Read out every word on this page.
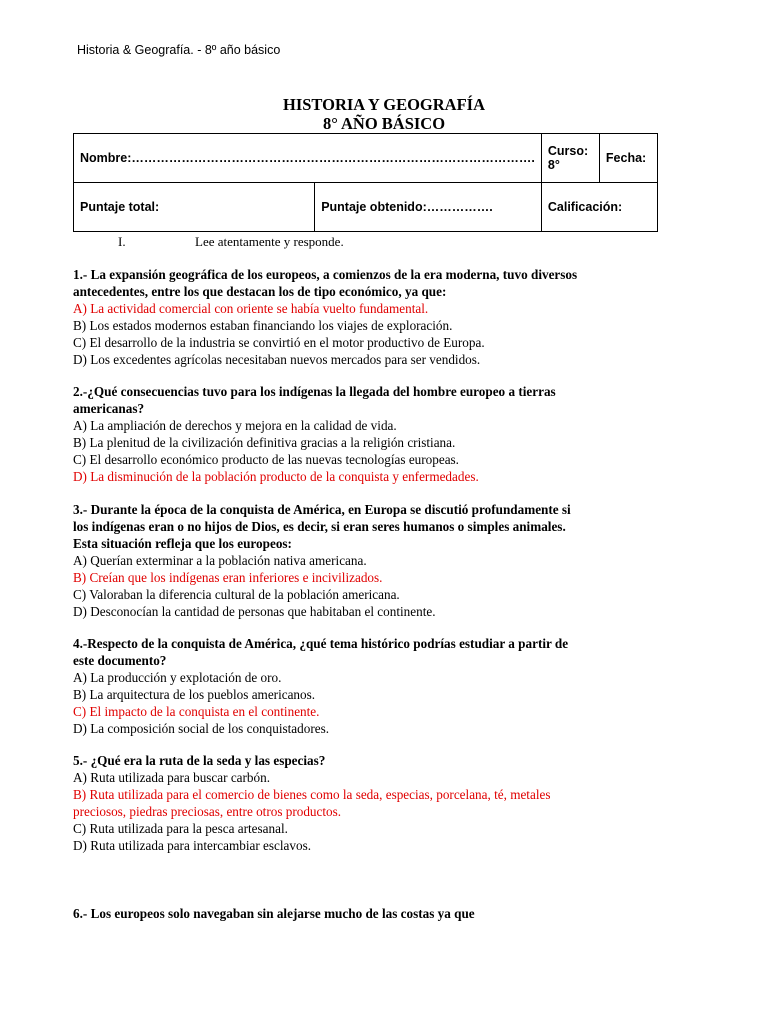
Historia & Geografía. - 8º año básico
HISTORIA Y GEOGRAFÍA
8° AÑO BÁSICO
Nombre:…………………………………………………………………………………….		Curso: 8°	Fecha:
Puntaje total:	Puntaje obtenido:…………….	Calificación:	
I.	Lee atentamente y responde.
1.- La expansión geográfica de los europeos, a comienzos de la era moderna, tuvo diversos
antecedentes, entre los que destacan los de tipo económico, ya que:
A) La actividad comercial con oriente se había vuelto fundamental.
B) Los estados modernos estaban financiando los viajes de exploración.
C) El desarrollo de la industria se convirtió en el motor productivo de Europa.
D) Los excedentes agrícolas necesitaban nuevos mercados para ser vendidos.
2.-¿Qué consecuencias tuvo para los indígenas la llegada del hombre europeo a tierras
americanas?
A) La ampliación de derechos y mejora en la calidad de vida.
B) La plenitud de la civilización definitiva gracias a la religión cristiana.
C) El desarrollo económico producto de las nuevas tecnologías europeas.
D) La disminución de la población producto de la conquista y enfermedades.
3.- Durante la época de la conquista de América, en Europa se discutió profundamente si
los indígenas eran o no hijos de Dios, es decir, si eran seres humanos o simples animales.
Esta situación refleja que los europeos:
A) Querían exterminar a la población nativa americana.
B) Creían que los indígenas eran inferiores e incivilizados.
C) Valoraban la diferencia cultural de la población americana.
D) Desconocían la cantidad de personas que habitaban el continente.
4.-Respecto de la conquista de América, ¿qué tema histórico podrías estudiar a partir de
este documento?
A) La producción y explotación de oro.
B) La arquitectura de los pueblos americanos.
C) El impacto de la conquista en el continente.
D) La composición social de los conquistadores.
5.- ¿Qué era la ruta de la seda y las especias?
A) Ruta utilizada para buscar carbón.
B) Ruta utilizada para el comercio de bienes como la seda, especias, porcelana, té, metales
preciosos, piedras preciosas, entre otros productos.
C) Ruta utilizada para la pesca artesanal.
D) Ruta utilizada para intercambiar esclavos.
6.- Los europeos solo navegaban sin alejarse mucho de las costas ya que
